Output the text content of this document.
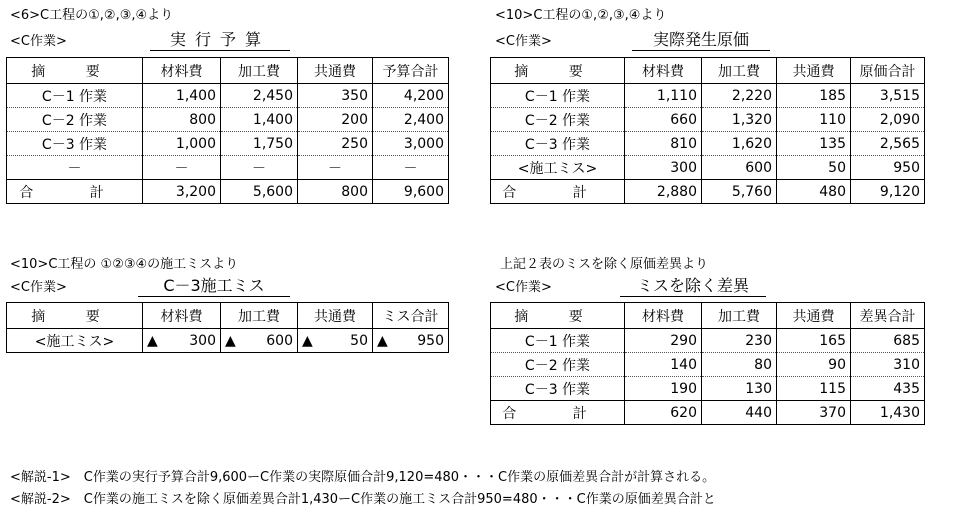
<6>C工程の①,②,③,④より
<C作業>	実行予算
摘 要	材料費	加工費	共通費	予算合計
C－1 作業	1,400	2,450	350	4,200
C－2 作業	800	1,400	200	2,400
C－3 作業	1,000	1,750	250	3,000
－	－	－	－	－
合 計	3,200	5,600	800	9,600
<10>C工程の①,②,③,④より
<C作業>	実際発生原価
摘 要	材料費	加工費	共通費	原価合計
C－1 作業	1,110	2,220	185	3,515
C－2 作業	660	1,320	110	2,090
C－3 作業	810	1,620	135	2,565
<施工ミス>	300	600	50	950
合 計	2,880	5,760	480	9,120
<10>C工程の ①②③④の施工ミスより
<C作業>	C－3施工ミス
摘 要	材料費	加工費	共通費	ミス合計
<施工ミス>	▲ 300	▲ 600	▲ 50	▲ 950
上記２表のミスを除く原価差異より
<C作業>	ミスを除く差異
摘 要	材料費	加工費	共通費	差異合計
C－1 作業	290	230	165	685
C－2 作業	140	80	90	310
C－3 作業	190	130	115	435
合 計	620	440	370	1,430
<解説-1>　C作業の実行予算合計9,600ーC作業の実際原価合計9,120=480・・・C作業の原価差異合計が計算される。
<解説-2>　C作業の施工ミスを除く原価差異合計1,430ーC作業の施工ミス合計950=480・・・C作業の原価差異合計と
